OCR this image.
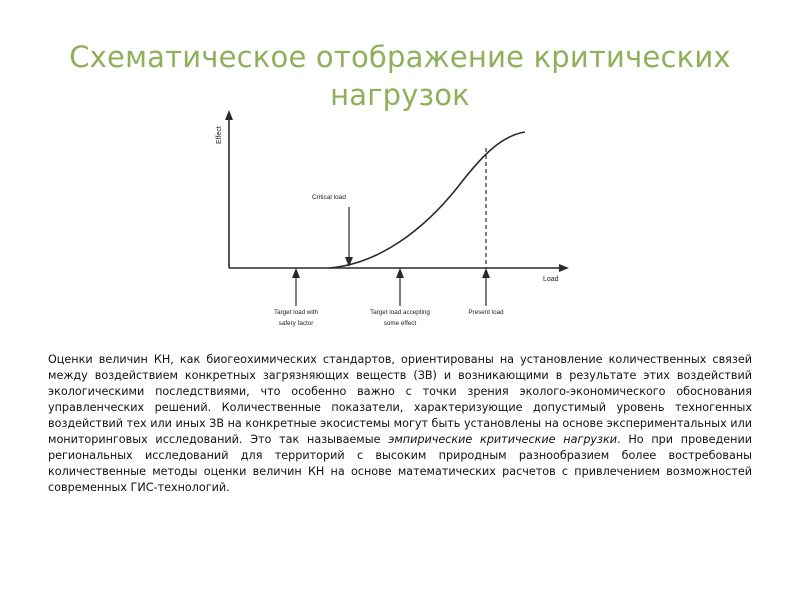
Схематическое отображение критических нагрузок
Effect
Load
Critical load
Target load with
safery factor
Target load accepting
some effect
Present load

Оценки величин КН, как биогеохимических стандартов, ориентированы на установление количественных связей между воздействием конкретных загрязняющих веществ (ЗВ) и возникающими в результате этих воздействий экологическими последствиями, что особенно важно с точки зрения эколого-экономического обоснования управленческих решений. Количественные показатели, характеризующие допустимый уровень техногенных воздействий тех или иных ЗВ на конкретные экосистемы могут быть установлены на основе экспериментальных или мониторинговых исследований. Это так называемые эмпирические критические нагрузки. Но при проведении региональных исследований для территорий с высоким природным разнообразием более востребованы количественные методы оценки величин КН на основе математических расчетов с привлечением возможностей современных ГИС-технологий.
